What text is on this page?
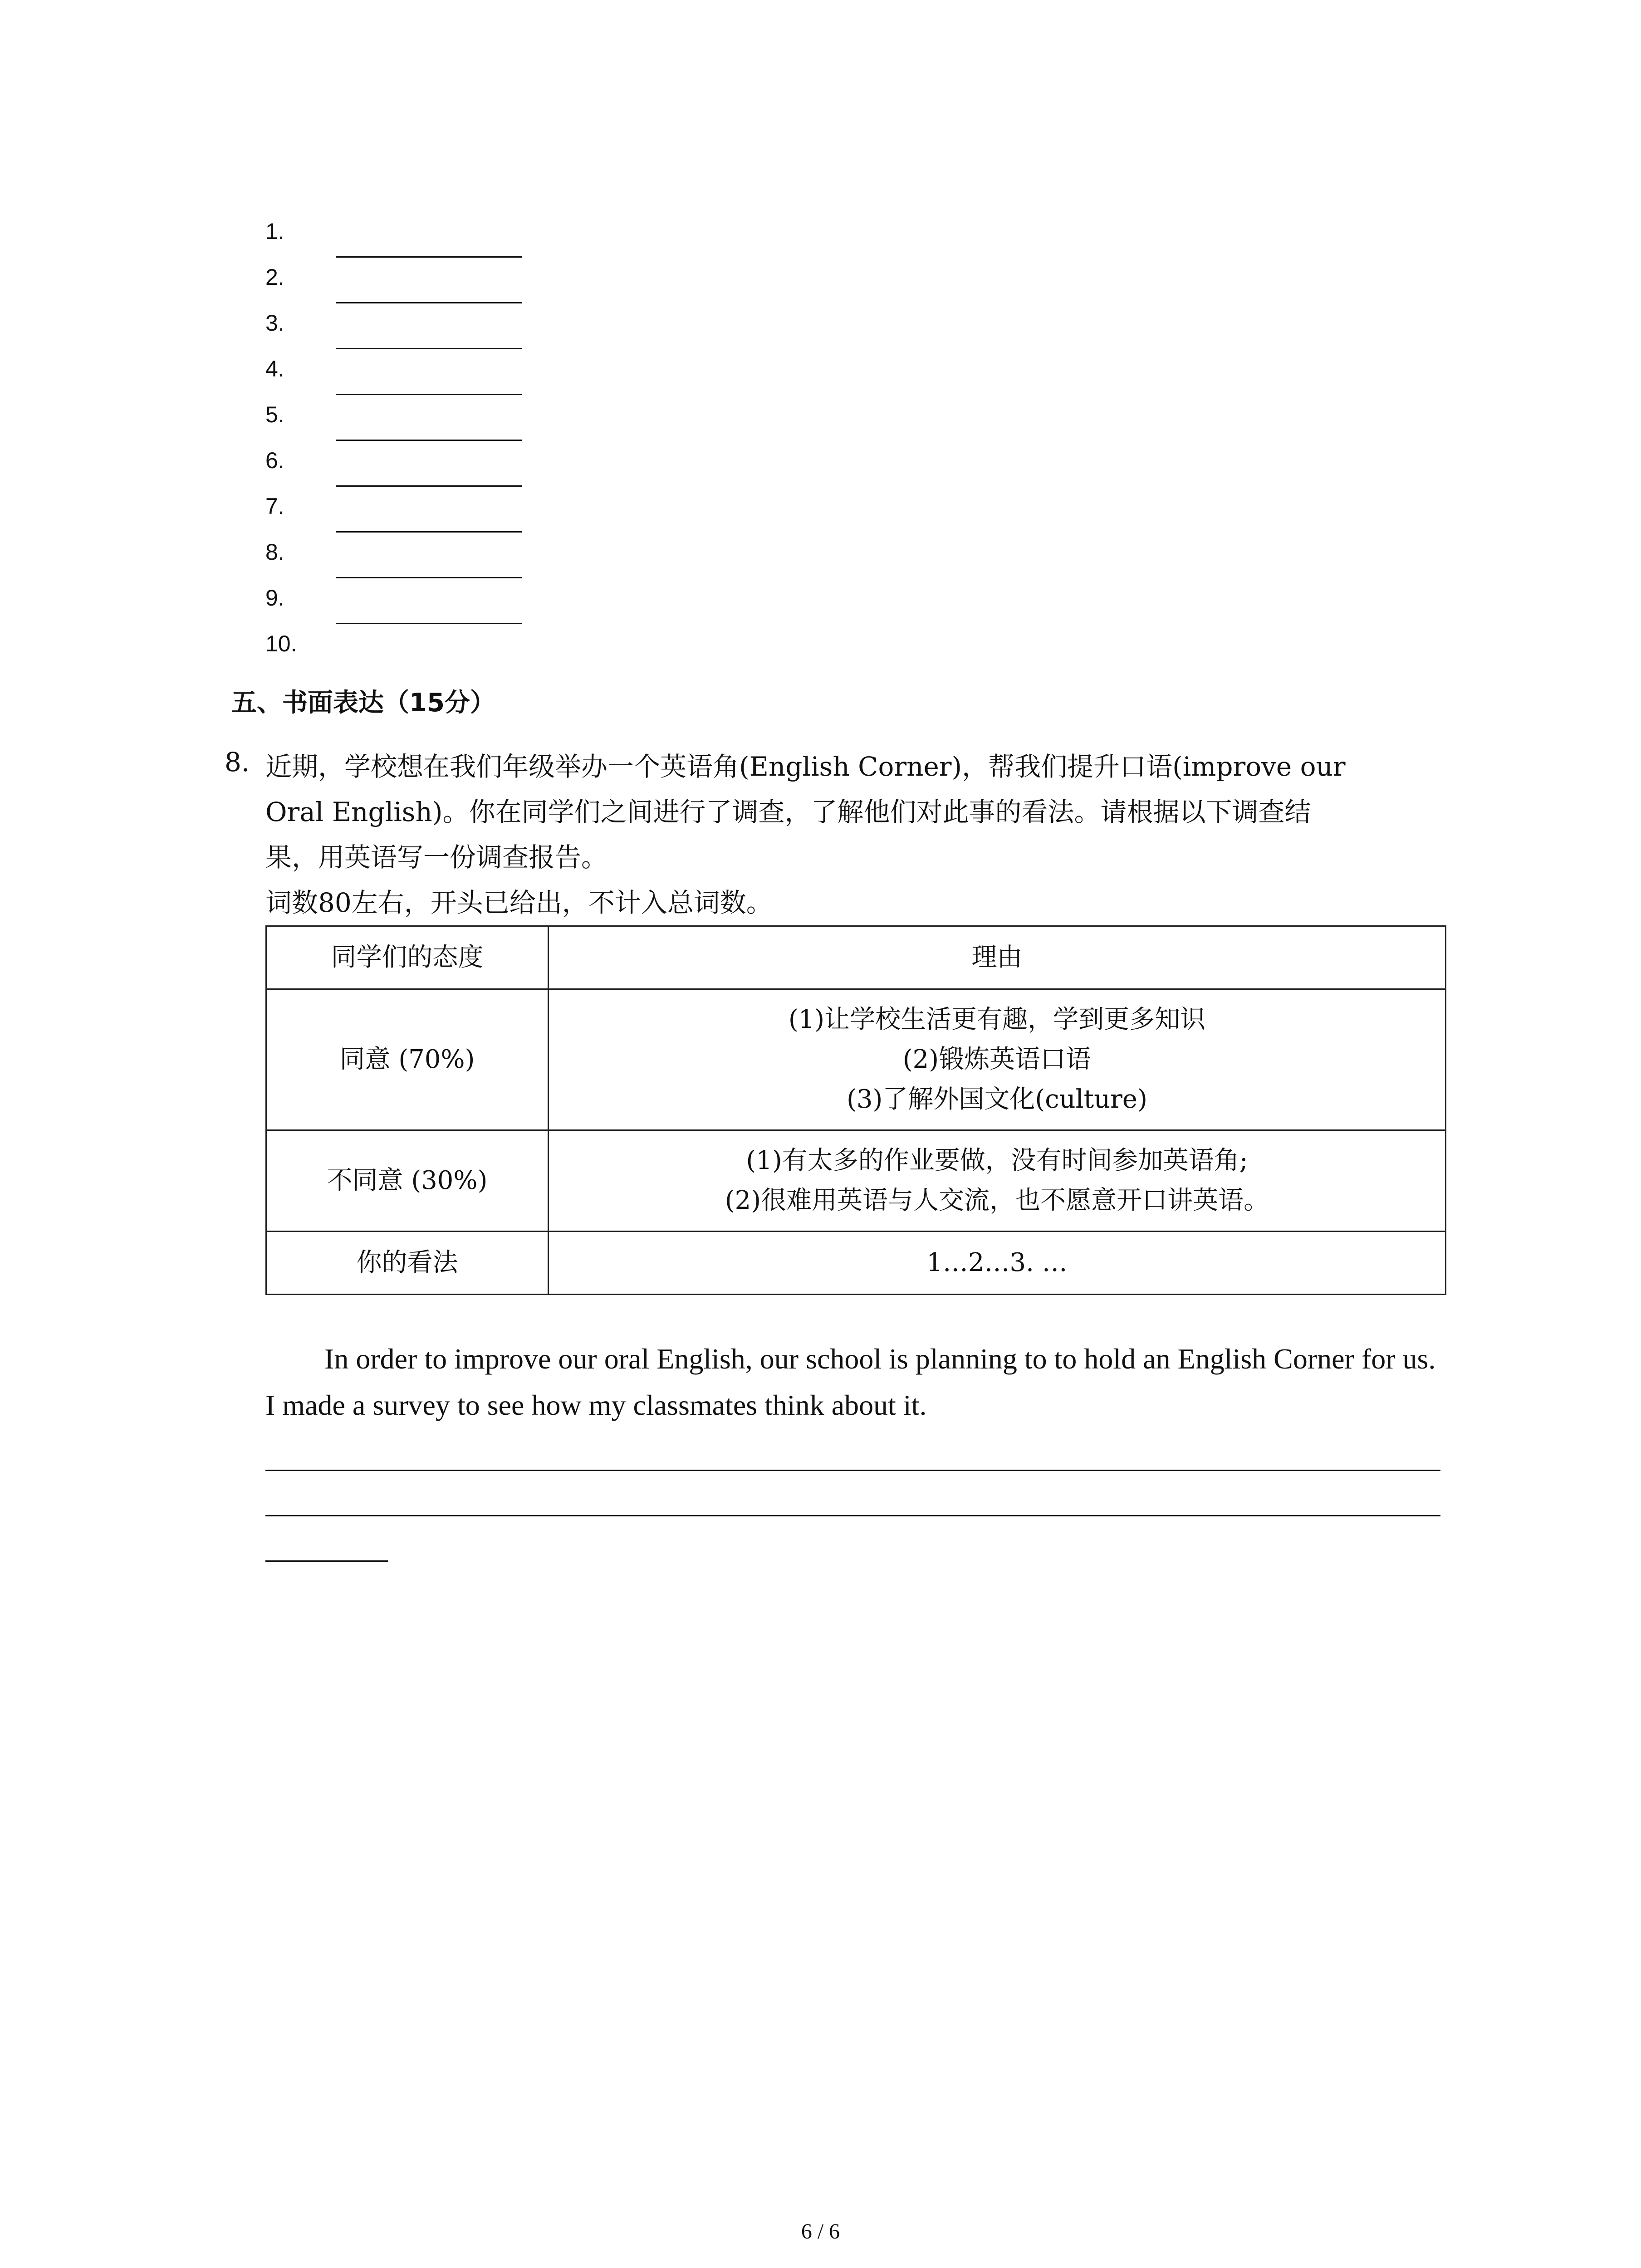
1.
2.
3.
4.
5.
6.
7.
8.
9.
10.
五、书面表达（15分）
8. 近期，学校想在我们年级举办一个英语角(English Corner)，帮我们提升口语(improve our

Oral English)。你在同学们之间进行了调查，了解他们对此事的看法。请根据以下调查结

果，用英语写一份调查报告。

词数80左右，开头已给出，不计入总词数。

同学们的态度	理由
同意 (70%)	(1)让学校生活更有趣，学到更多知识
(2)锻炼英语口语
(3)了解外国文化(culture)

不同意 (30%)	(1)有太多的作业要做，没有时间参加英语角;
(2)很难用英语与人交流，也不愿意开口讲英语。

你的看法	1…2…3. …

In order to improve our oral English, our school is planning to to hold an English Corner for us. I made a survey to see how my classmates think about it.

6 / 6
